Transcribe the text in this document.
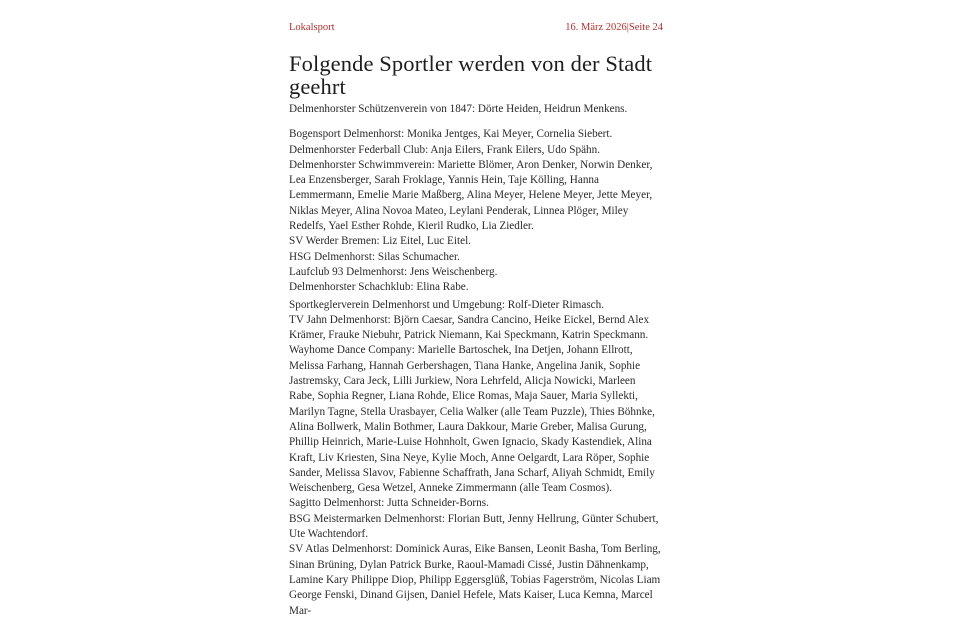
Lokalsport	16. März 2026 | Seite 24
Folgende Sportler werden von der Stadt geehrt

Delmenhorster Schützenverein von 1847: Dörte Heiden, Heidrun Menkens.

Bogensport Delmenhorst: Monika Jentges, Kai Meyer, Cornelia Siebert.

Delmenhorster Federball Club: Anja Eilers, Frank Eilers, Udo Spähn.

Delmenhorster Schwimmverein: Mariette Blömer, Aron Denker, Norwin Denker, Lea Enzensberger, Sarah Froklage, Yannis Hein, Taje Kölling, Hanna Lemmermann, Emelie Marie Maßberg, Alina Meyer, Helene Meyer, Jette Meyer, Niklas Meyer, Alina Novoa Mateo, Leylani Penderak, Linnea Plöger, Miley Redelfs, Yael Esther Rohde, Kieril Rudko, Lia Ziedler.

SV Werder Bremen: Liz Eitel, Luc Eitel.

HSG Delmenhorst: Silas Schumacher.

Laufclub 93 Delmenhorst: Jens Weischenberg.

Delmenhorster Schachklub: Elina Rabe.

Sportkeglerverein Delmenhorst und Umgebung: Rolf-Dieter Rimasch.

TV Jahn Delmenhorst: Björn Caesar, Sandra Cancino, Heike Eickel, Bernd Alex Krämer, Frauke Niebuhr, Patrick Niemann, Kai Speckmann, Katrin Speckmann.

Wayhome Dance Company: Marielle Bartoschek, Ina Detjen, Johann Ellrott, Melissa Farhang, Hannah Gerbershagen, Tiana Hanke, Angelina Janik, Sophie Jastremsky, Cara Jeck, Lilli Jurkiew, Nora Lehrfeld, Alicja Nowicki, Marleen Rabe, Sophia Regner, Liana Rohde, Elice Romas, Maja Sauer, Maria Syllekti, Marilyn Tagne, Stella Urasbayer, Celia Walker (alle Team Puzzle), Thies Böhnke, Alina Bollwerk, Malin Bothmer, Laura Dakkour, Marie Greber, Malisa Gurung, Phillip Heinrich, Marie-Luise Hohnholt, Gwen Ignacio, Skady Kastendiek, Alina Kraft, Liv Kriesten, Sina Neye, Kylie Moch, Anne Oelgardt, Lara Röper, Sophie Sander, Melissa Slavov, Fabienne Schaffrath, Jana Scharf, Aliyah Schmidt, Emily Weischenberg, Gesa Wetzel, Anneke Zimmermann (alle Team Cosmos).

Sagitto Delmenhorst: Jutta Schneider-Borns.

BSG Meistermarken Delmenhorst: Florian Butt, Jenny Hellrung, Günter Schubert, Ute Wachtendorf.

SV Atlas Delmenhorst: Dominick Auras, Eike Bansen, Leonit Basha, Tom Berling, Sinan Brüning, Dylan Patrick Burke, Raoul-Mamadi Cissé, Justin Dähnenkamp, Lamine Kary Philippe Diop, Philipp Eggersglüß, Tobias Fagerström, Nicolas Liam George Fenski, Dinand Gijsen, Daniel Hefele, Mats Kaiser, Luca Kemna, Marcel Mar-
